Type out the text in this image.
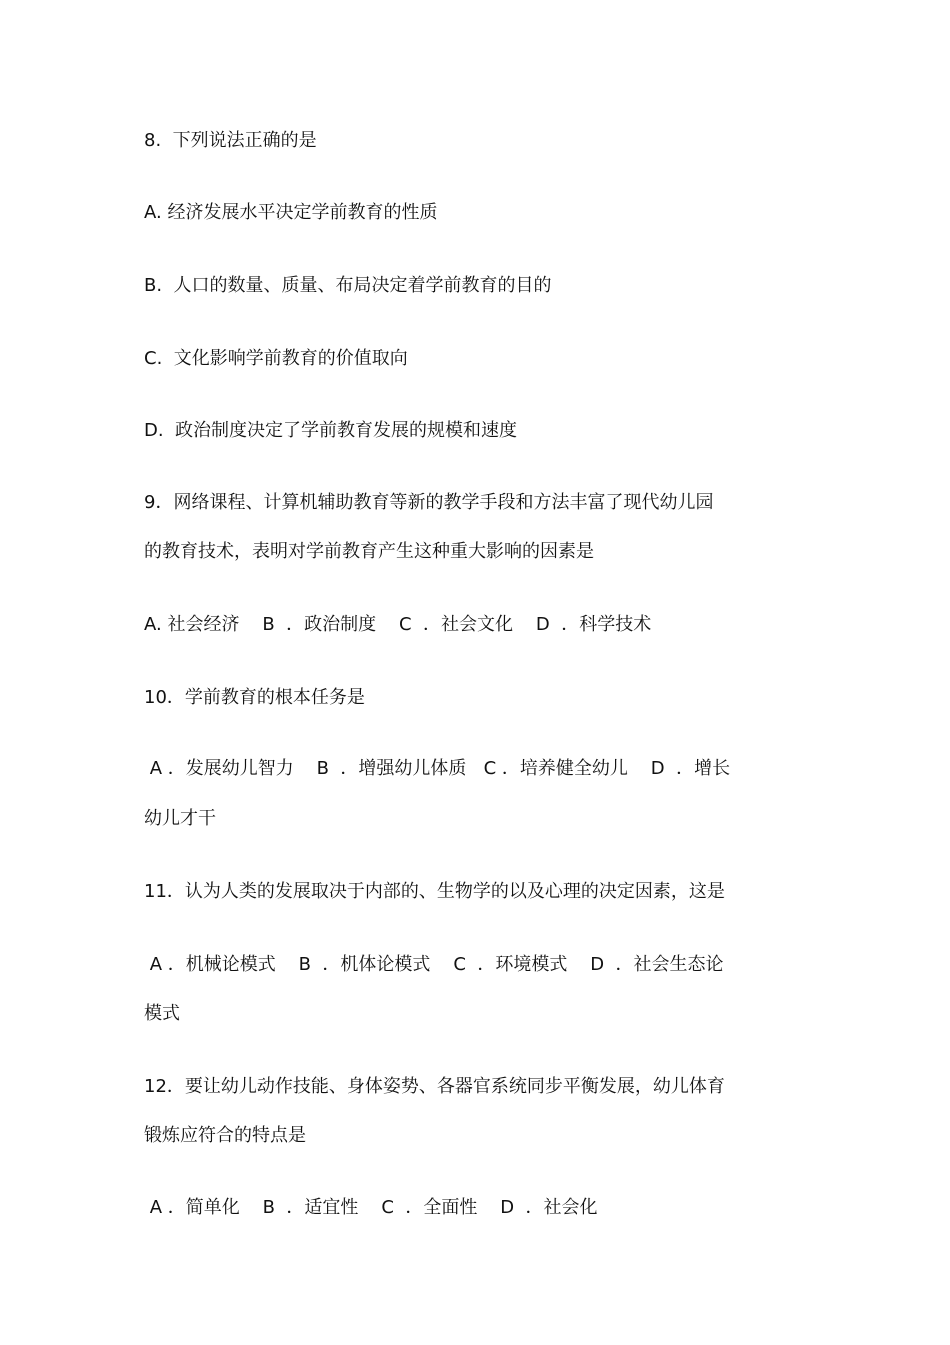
8.  下列说法正确的是
A. 经济发展水平决定学前教育的性质
B.  人口的数量、质量、布局决定着学前教育的目的
C.  文化影响学前教育的价值取向
D.  政治制度决定了学前教育发展的规模和速度
9．网络课程、计算机辅助教育等新的教学手段和方法丰富了现代幼儿园
的教育技术，表明对学前教育产生这种重大影响的因素是
A. 社会经济    B  ．政治制度    C  ．社会文化    D  ．科学技术
10．学前教育的根本任务是
A ．发展幼儿智力    B  ．增强幼儿体质   C ．培养健全幼儿    D  ．增长
幼儿才干
11．认为人类的发展取决于内部的、生物学的以及心理的决定因素，这是
A ．机械论模式    B  ．机体论模式    C  ．环境模式    D  ．社会生态论
模式
12．要让幼儿动作技能、身体姿势、各器官系统同步平衡发展，幼儿体育
锻炼应符合的特点是
A ．简单化    B  ．适宜性    C  ．全面性    D  ．社会化
